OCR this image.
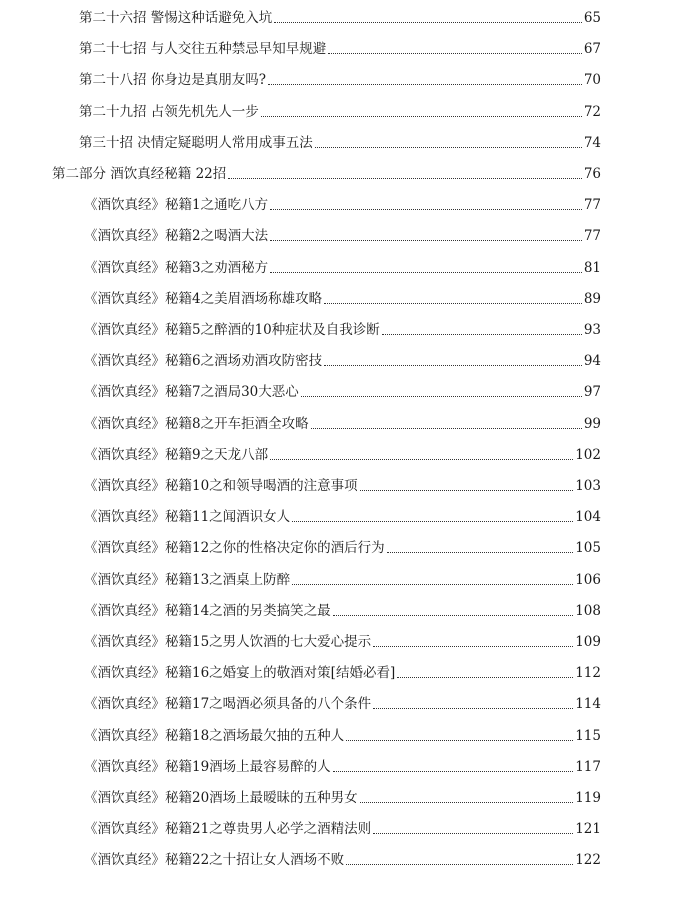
第二十六招 警惕这种话避免入坑	65
第二十七招 与人交往五种禁忌早知早规避	67
第二十八招 你身边是真朋友吗?	70
第二十九招 占领先机先人一步	72
第三十招 决情定疑聪明人常用成事五法	74
第二部分 酒饮真经秘籍 22招	76
《酒饮真经》秘籍1之通吃八方	77
《酒饮真经》秘籍2之喝酒大法	77
《酒饮真经》秘籍3之劝酒秘方	81
《酒饮真经》秘籍4之美眉酒场称雄攻略	89
《酒饮真经》秘籍5之醉酒的10种症状及自我诊断	93
《酒饮真经》秘籍6之酒场劝酒攻防密技	94
《酒饮真经》秘籍7之酒局30大恶心	97
《酒饮真经》秘籍8之开车拒酒全攻略	99
《酒饮真经》秘籍9之天龙八部	102
《酒饮真经》秘籍10之和领导喝酒的注意事项	103
《酒饮真经》秘籍11之闻酒识女人	104
《酒饮真经》秘籍12之你的性格决定你的酒后行为	105
《酒饮真经》秘籍13之酒桌上防醉	106
《酒饮真经》秘籍14之酒的另类搞笑之最	108
《酒饮真经》秘籍15之男人饮酒的七大爱心提示	109
《酒饮真经》秘籍16之婚宴上的敬酒对策[结婚必看]	112
《酒饮真经》秘籍17之喝酒必须具备的八个条件	114
《酒饮真经》秘籍18之酒场最欠抽的五种人	115
《酒饮真经》秘籍19酒场上最容易醉的人	117
《酒饮真经》秘籍20酒场上最暧昧的五种男女	119
《酒饮真经》秘籍21之尊贵男人必学之酒精法则	121
《酒饮真经》秘籍22之十招让女人酒场不败	122
